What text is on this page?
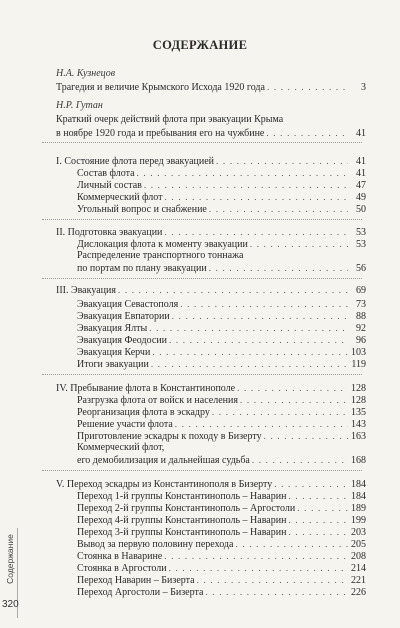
СОДЕРЖАНИЕ
Н.А. Кузнецов
Трагедия и величие Крымского Исхода 1920 года . . .	3
Н.Р. Гутан
Краткий очерк действий флота при эвакуации Крыма
в ноябре 1920 года и пребывания его на чужбине . . .	41
I. Состояние флота перед эвакуацией . . .	41
Состав флота . . .	41
Личный состав . . .	47
Коммерческий флот . . .	49
Угольный вопрос и снабжение . . .	50
II. Подготовка эвакуации . . .	53
Дислокация флота к моменту эвакуации . . .	53
Распределение транспортного тоннажа
по портам по плану эвакуации . . .	56
III. Эвакуация . . .	69
Эвакуация Севастополя . . .	73
Эвакуация Евпатории . . .	88
Эвакуация Ялты . . .	92
Эвакуация Феодосии . . .	96
Эвакуация Керчи . . .	103
Итоги эвакуации . . .	119
IV. Пребывание флота в Константинополе . . .	128
Разгрузка флота от войск и населения . . .	128
Реорганизация флота в эскадру . . .	135
Решение участи флота . . .	143
Приготовление эскадры к походу в Бизерту . . .	163
Коммерческий флот,
его демобилизация и дальнейшая судьба . . .	168
V. Переход эскадры из Константинополя в Бизерту . . .	184
Переход 1-й группы Константинополь – Наварин . . .	184
Переход 2-й группы Константинополь – Аргостоли . . .	189
Переход 4-й группы Константинополь – Наварин . . .	199
Переход 3-й группы Константинополь – Наварин . . .	203
Вывод за первую половину перехода . . .	205
Стоянка в Наварине . . .	208
Стоянка в Аргостоли . . .	214
Переход Наварин – Бизерта . . .	221
Переход Аргостоли – Бизерта . . .	226
Содержание
320
